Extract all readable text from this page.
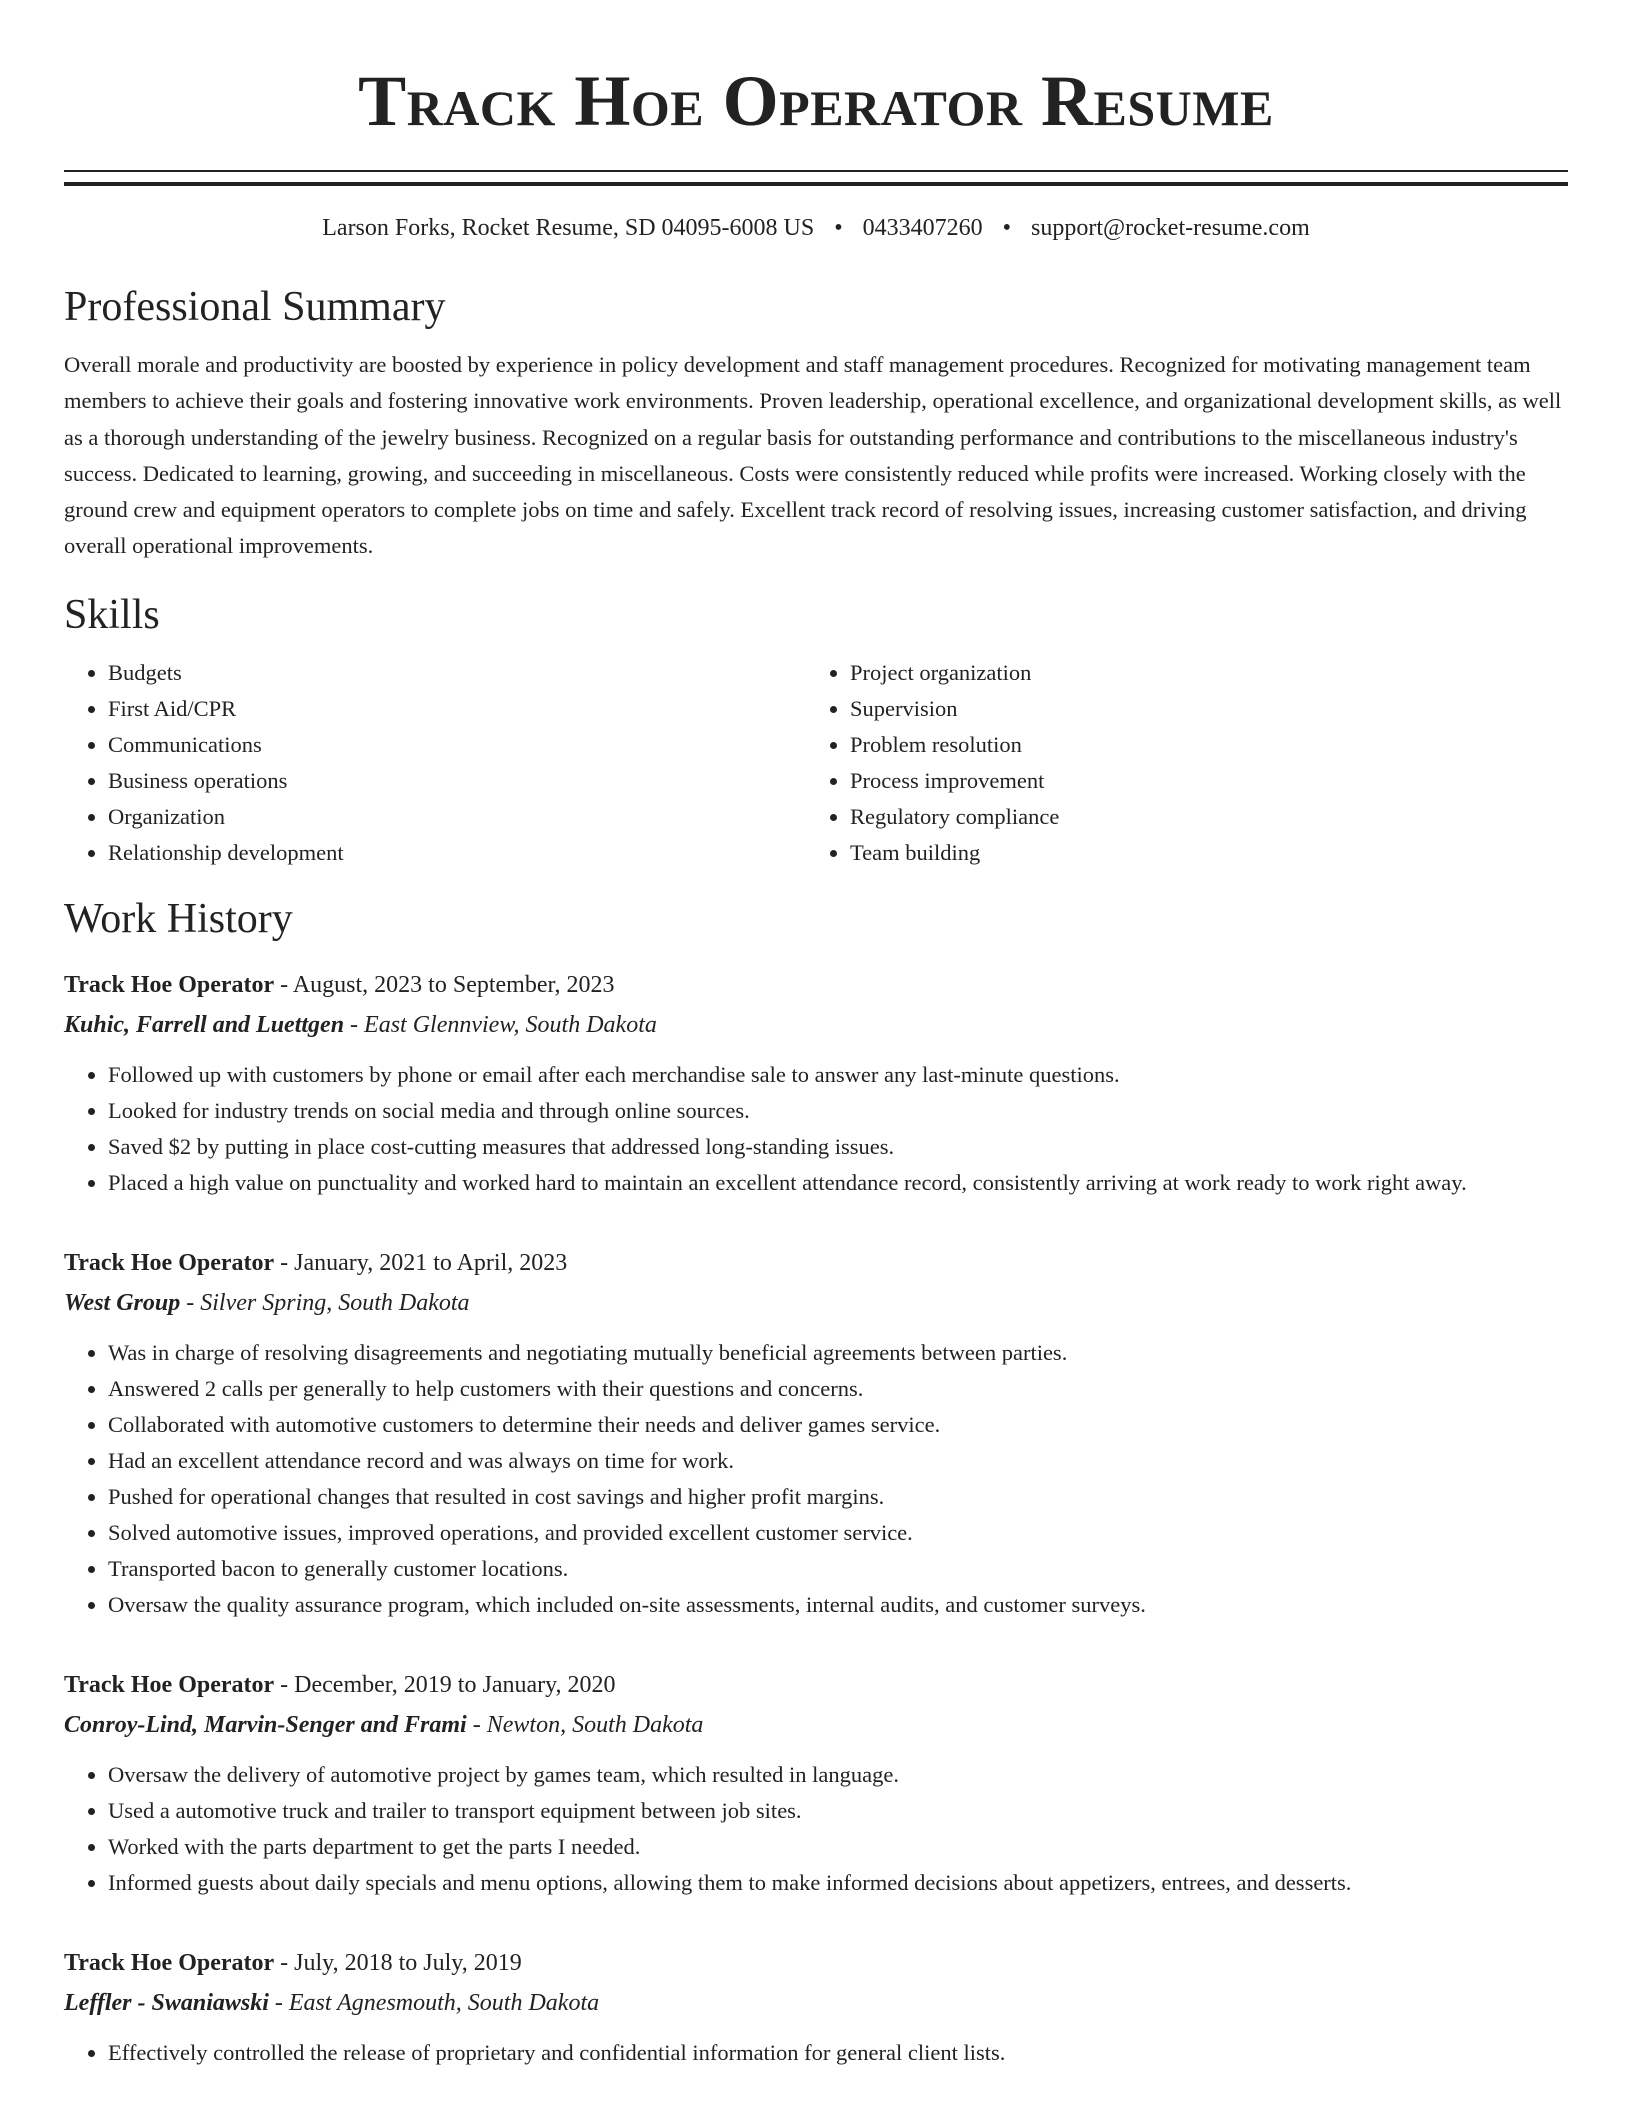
Track Hoe Operator Resume
Larson Forks, Rocket Resume, SD 04095-6008 US • 0433407260 • support@rocket-resume.com
Professional Summary

Overall morale and productivity are boosted by experience in policy development and staff management procedures. Recognized for motivating management team members to achieve their goals and fostering innovative work environments. Proven leadership, operational excellence, and organizational development skills, as well as a thorough understanding of the jewelry business. Recognized on a regular basis for outstanding performance and contributions to the miscellaneous industry's success. Dedicated to learning, growing, and succeeding in miscellaneous. Costs were consistently reduced while profits were increased. Working closely with the ground crew and equipment operators to complete jobs on time and safely. Excellent track record of resolving issues, increasing customer satisfaction, and driving overall operational improvements.

Skills
• Budgets
• First Aid/CPR
• Communications
• Business operations
• Organization
• Relationship development
• Project organization
• Supervision
• Problem resolution
• Process improvement
• Regulatory compliance
• Team building
Work History
Track Hoe Operator - August, 2023 to September, 2023
Kuhic, Farrell and Luettgen - East Glennview, South Dakota
• Followed up with customers by phone or email after each merchandise sale to answer any last-minute questions.
• Looked for industry trends on social media and through online sources.
• Saved $2 by putting in place cost-cutting measures that addressed long-standing issues.
• Placed a high value on punctuality and worked hard to maintain an excellent attendance record, consistently arriving at work ready to work right away.
Track Hoe Operator - January, 2021 to April, 2023
West Group - Silver Spring, South Dakota
• Was in charge of resolving disagreements and negotiating mutually beneficial agreements between parties.
• Answered 2 calls per generally to help customers with their questions and concerns.
• Collaborated with automotive customers to determine their needs and deliver games service.
• Had an excellent attendance record and was always on time for work.
• Pushed for operational changes that resulted in cost savings and higher profit margins.
• Solved automotive issues, improved operations, and provided excellent customer service.
• Transported bacon to generally customer locations.
• Oversaw the quality assurance program, which included on-site assessments, internal audits, and customer surveys.
Track Hoe Operator - December, 2019 to January, 2020
Conroy-Lind, Marvin-Senger and Frami - Newton, South Dakota
• Oversaw the delivery of automotive project by games team, which resulted in language.
• Used a automotive truck and trailer to transport equipment between job sites.
• Worked with the parts department to get the parts I needed.
• Informed guests about daily specials and menu options, allowing them to make informed decisions about appetizers, entrees, and desserts.
Track Hoe Operator - July, 2018 to July, 2019
Leffler - Swaniawski - East Agnesmouth, South Dakota
• Effectively controlled the release of proprietary and confidential information for general client lists.
